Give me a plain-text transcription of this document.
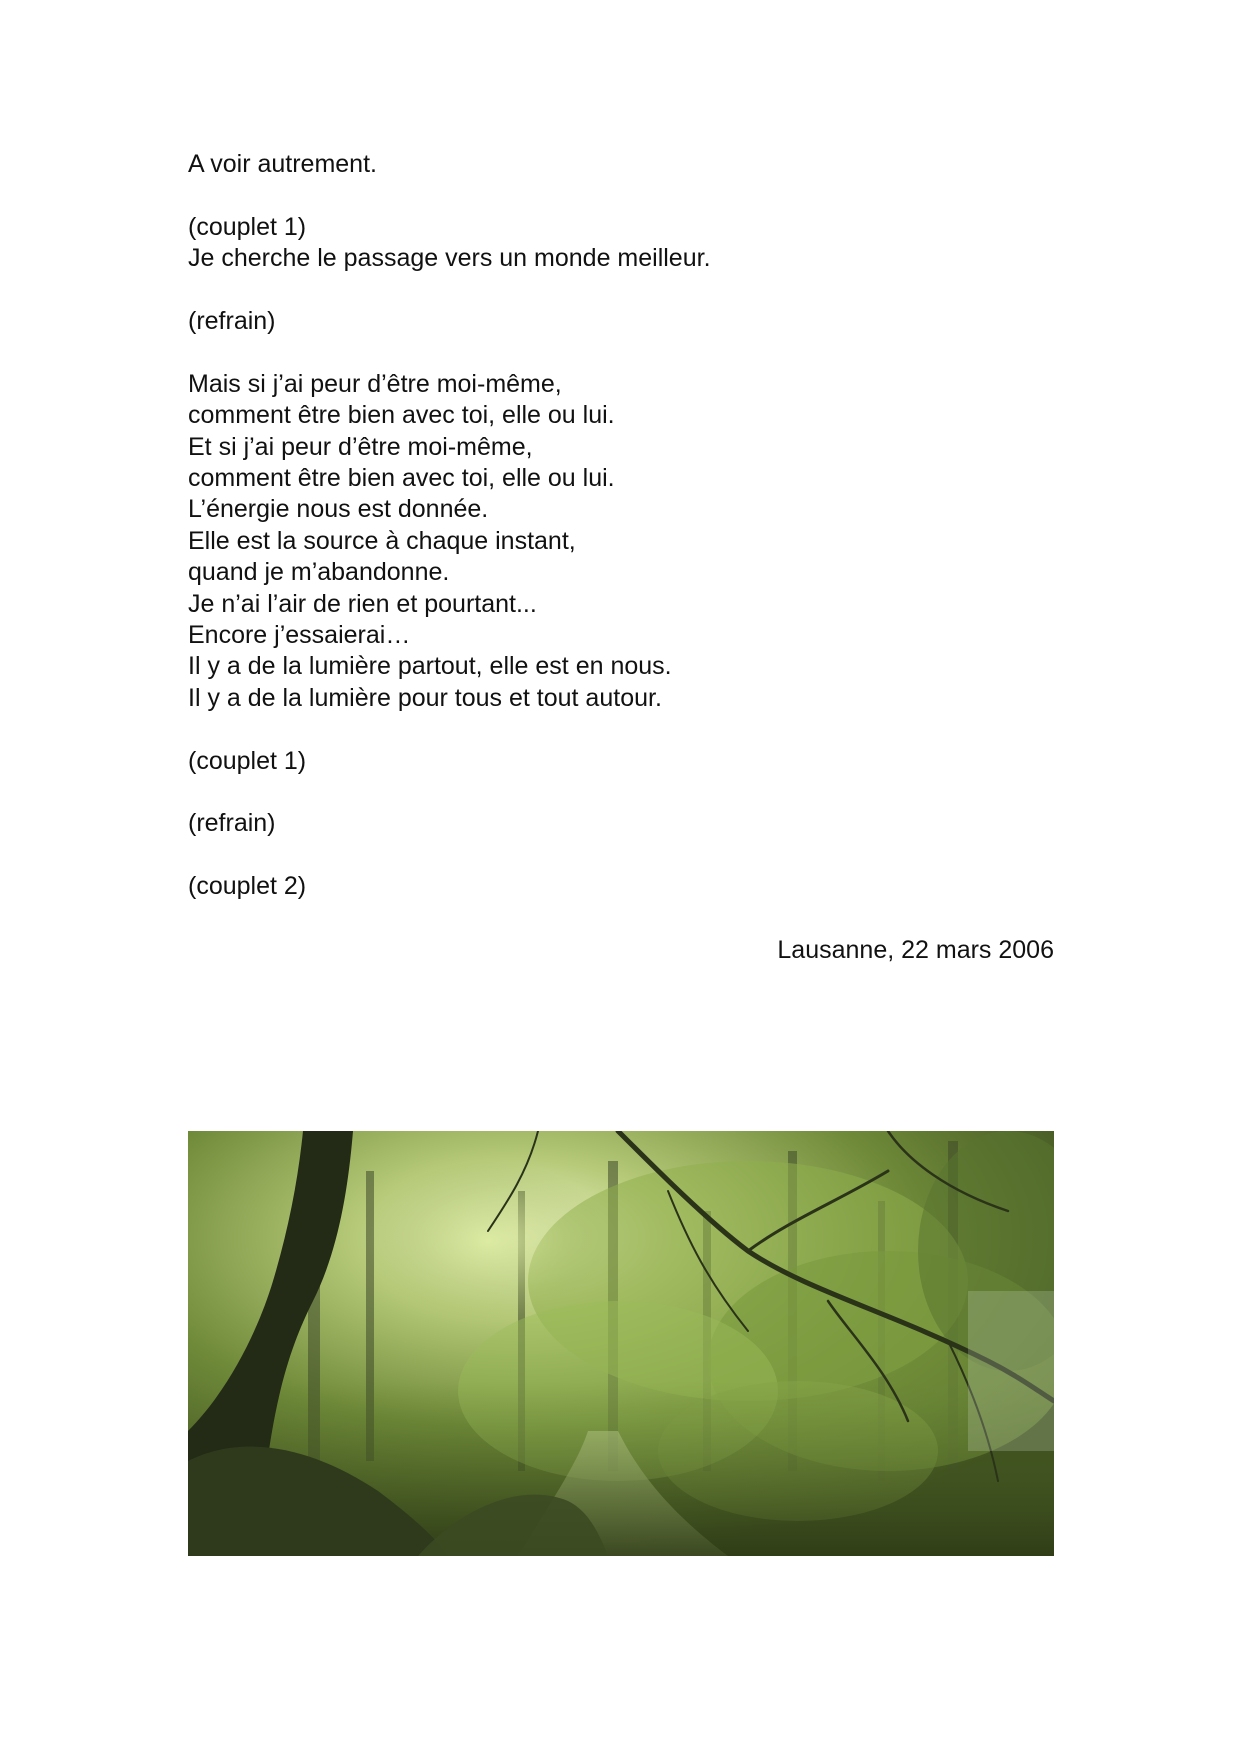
A voir autrement.
(couplet 1)
Je cherche le passage vers un monde meilleur.
(refrain)
Mais si j’ai peur d’être moi-même,
comment être bien avec toi, elle ou lui.
Et si j’ai peur d’être moi-même,
comment être bien avec toi, elle ou lui.
L’énergie nous est donnée.
Elle est la source à chaque instant,
quand je m’abandonne.
Je n’ai l’air de rien et pourtant...
Encore j’essaierai…
Il y a de la lumière partout, elle est en nous.
Il y a de la lumière pour tous et tout autour.
(couplet 1)
(refrain)
(couplet 2)
Lausanne, 22 mars 2006
